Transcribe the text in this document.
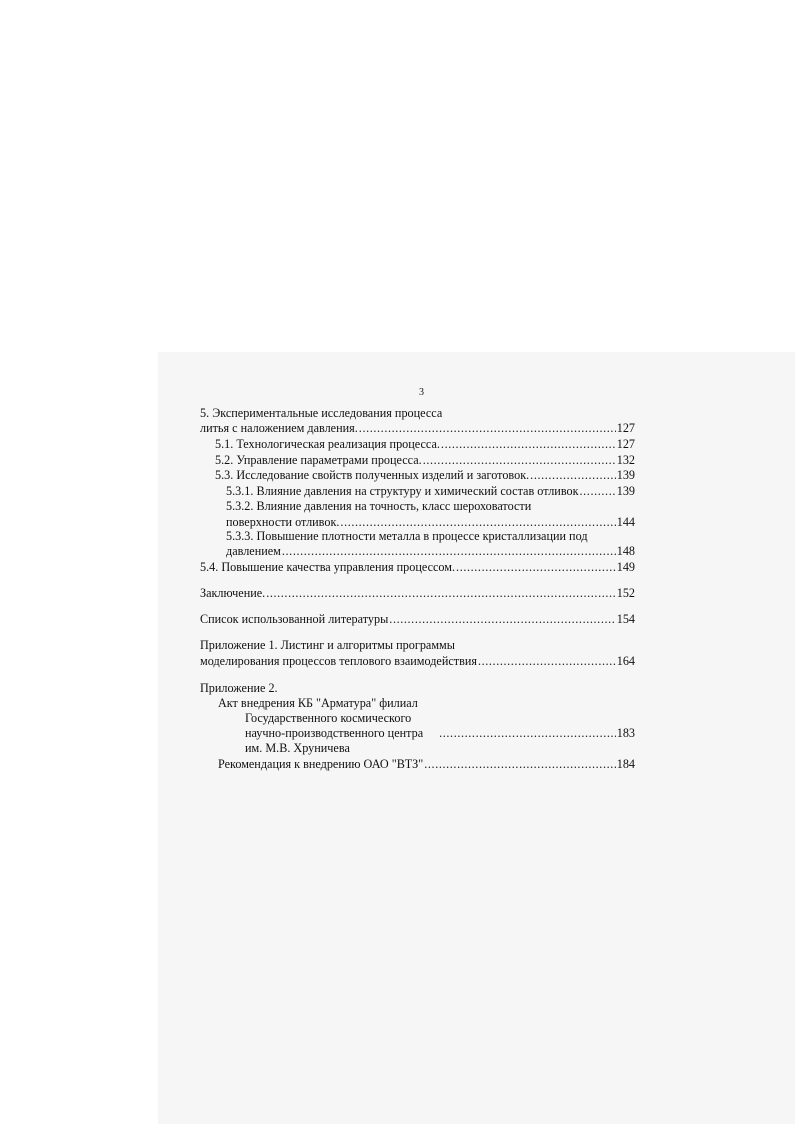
3
5. Экспериментальные исследования процесса
литья с наложением давления. .....	127
5.1. Технологическая реализация процесса. .....	127
5.2. Управление параметрами процесса. .....	132
5.3. Исследование свойств полученных изделий и заготовок. .....	139
5.3.1. Влияние давления на структуру и химический состав отливок .....	139
5.3.2. Влияние давления на точность, класс шероховатости
поверхности отливок. .....	144
5.3.3. Повышение плотности металла в процессе кристаллизации под
давлением .....	148
5.4. Повышение качества управления процессом. .....	149
Заключение. .....	152
Список использованной литературы .....	154
Приложение 1. Листинг и алгоритмы программы
моделирования процессов теплового взаимодействия .....	164
Приложение 2.
Акт внедрения КБ "Арматура" филиал
Государственного космического
научно-производственного центра .....	183
им. М.В. Хруничева
Рекомендация к внедрению ОАО "ВТЗ" .....	184
